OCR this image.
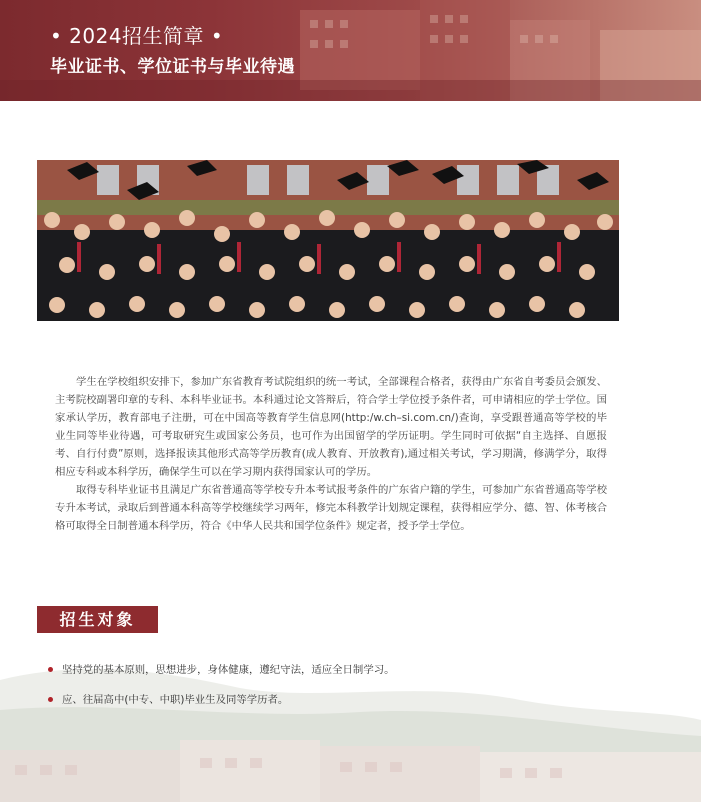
• 2024招生简章 •
毕业证书、学位证书与毕业待遇

学生在学校组织安排下，参加广东省教育考试院组织的统一考试，全部课程合格者，获得由广东省自考委员会颁发、主考院校副署印章的专科、本科毕业证书。本科通过论文答辩后，符合学士学位授予条件者，可申请相应的学士学位。国家承认学历，教育部电子注册，可在中国高等教育学生信息网(http:/w.ch–si.com.cn/)查询，享受跟普通高等学校的毕业生同等毕业待遇，可考取研究生或国家公务员，也可作为出国留学的学历证明。学生同时可依据“自主选择、自愿报考、自行付费”原则，选择报读其他形式高等学历教育(成人教育、开放教育),通过相关考试，学习期满，修满学分，取得相应专科或本科学历，确保学生可以在学习期内获得国家认可的学历。

取得专科毕业证书且满足广东省普通高等学校专升本考试报考条件的广东省户籍的学生，可参加广东省普通高等学校专升本考试，录取后到普通本科高等学校继续学习两年，修完本科教学计划规定课程，获得相应学分、德、智、体考核合格可取得全日制普通本科学历，符合《中华人民共和国学位条件》规定者，授予学士学位。

招生对象
坚持党的基本原则，思想进步，身体健康，遵纪守法，适应全日制学习。
应、往届高中(中专、中职)毕业生及同等学历者。
